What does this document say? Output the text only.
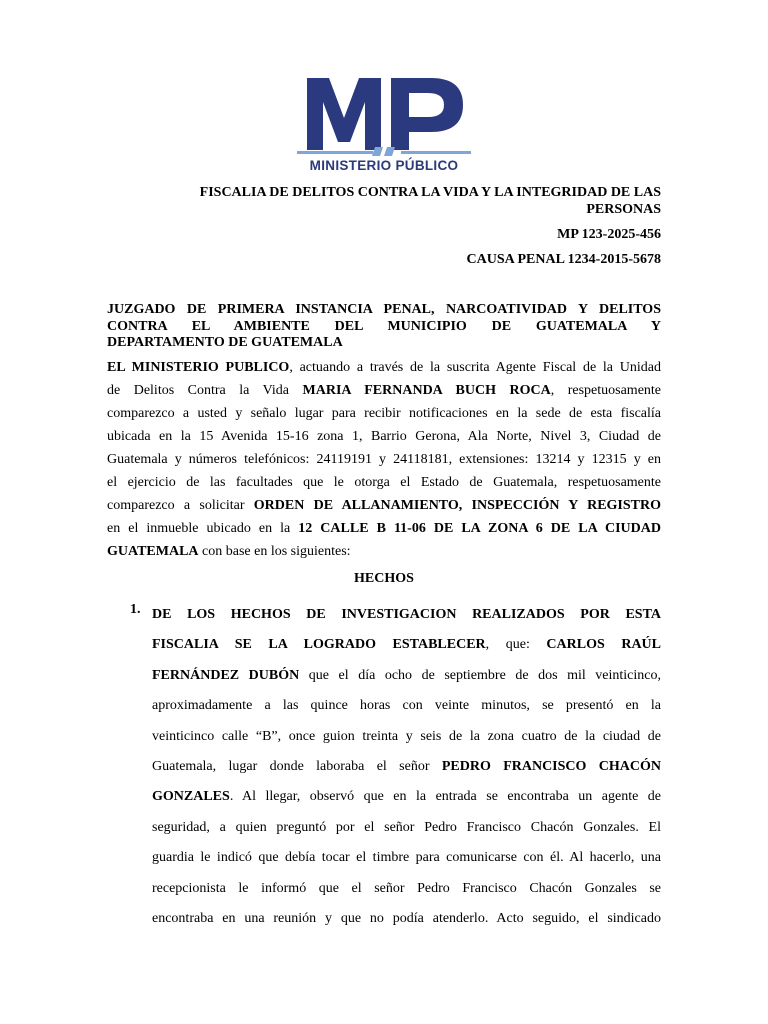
MINISTERIO PÚBLICO
FISCALIA DE DELITOS CONTRA LA VIDA Y LA INTEGRIDAD DE LAS PERSONAS
MP 123-2025-456
CAUSA PENAL 1234-2015-5678
JUZGADO DE PRIMERA INSTANCIA PENAL, NARCOATIVIDAD Y DELITOS
CONTRA EL AMBIENTE DEL MUNICIPIO DE GUATEMALA Y
DEPARTAMENTO DE GUATEMALA
EL MINISTERIO PUBLICO, actuando a través de la suscrita Agente Fiscal de la Unidad
de Delitos Contra la Vida MARIA FERNANDA BUCH ROCA, respetuosamente
comparezco a usted y señalo lugar para recibir notificaciones en la sede de esta fiscalía
ubicada en la 15 Avenida 15-16 zona 1, Barrio Gerona, Ala Norte, Nivel 3, Ciudad de
Guatemala y números telefónicos: 24119191 y 24118181, extensiones: 13214 y 12315 y en
el ejercicio de las facultades que le otorga el Estado de Guatemala, respetuosamente
comparezco a solicitar ORDEN DE ALLANAMIENTO, INSPECCIÓN Y REGISTRO
en el inmueble ubicado en la 12 CALLE B 11-06 DE LA ZONA 6 DE LA CIUDAD
GUATEMALA con base en los siguientes:
HECHOS
1. DE LOS HECHOS DE INVESTIGACION REALIZADOS POR ESTA
FISCALIA SE LA LOGRADO ESTABLECER, que: CARLOS RAÚL
FERNÁNDEZ DUBÓN que el día ocho de septiembre de dos mil veinticinco,
aproximadamente a las quince horas con veinte minutos, se presentó en la
veinticinco calle “B”, once guion treinta y seis de la zona cuatro de la ciudad de
Guatemala, lugar donde laboraba el señor PEDRO FRANCISCO CHACÓN
GONZALES. Al llegar, observó que en la entrada se encontraba un agente de
seguridad, a quien preguntó por el señor Pedro Francisco Chacón Gonzales. El
guardia le indicó que debía tocar el timbre para comunicarse con él. Al hacerlo, una
recepcionista le informó que el señor Pedro Francisco Chacón Gonzales se
encontraba en una reunión y que no podía atenderlo. Acto seguido, el sindicado
